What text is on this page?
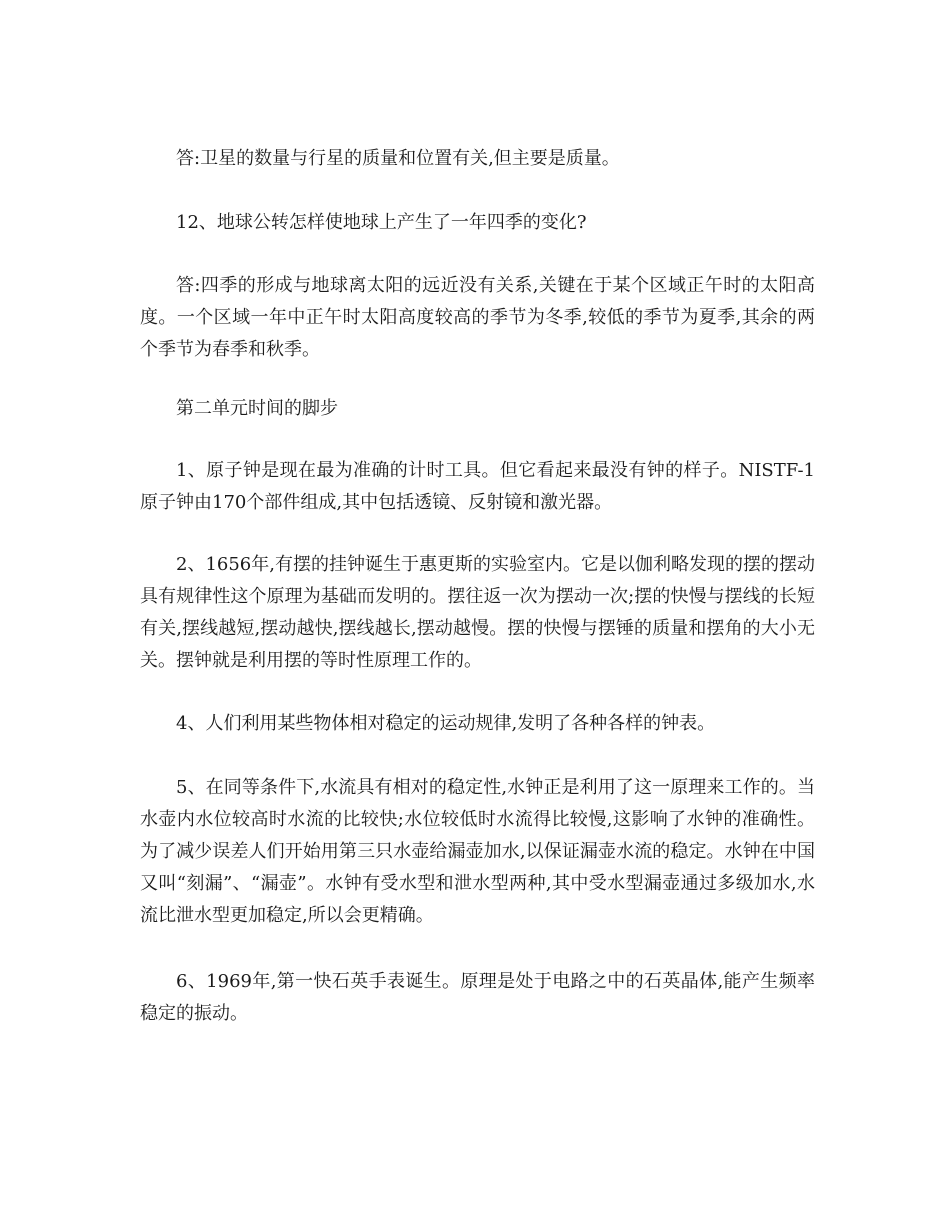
答:卫星的数量与行星的质量和位置有关,但主要是质量。

12、地球公转怎样使地球上产生了一年四季的变化?

答:四季的形成与地球离太阳的远近没有关系,关键在于某个区域正午时的太阳高度。一个区域一年中正午时太阳高度较高的季节为冬季,较低的季节为夏季,其余的两个季节为春季和秋季。

第二单元时间的脚步

1、原子钟是现在最为准确的计时工具。但它看起来最没有钟的样子。NISTF-1原子钟由170个部件组成,其中包括透镜、反射镜和激光器。

2、1656年,有摆的挂钟诞生于惠更斯的实验室内。它是以伽利略发现的摆的摆动具有规律性这个原理为基础而发明的。摆往返一次为摆动一次;摆的快慢与摆线的长短有关,摆线越短,摆动越快,摆线越长,摆动越慢。摆的快慢与摆锤的质量和摆角的大小无关。摆钟就是利用摆的等时性原理工作的。

4、人们利用某些物体相对稳定的运动规律,发明了各种各样的钟表。

5、在同等条件下,水流具有相对的稳定性,水钟正是利用了这一原理来工作的。当水壶内水位较高时水流的比较快;水位较低时水流得比较慢,这影响了水钟的准确性。为了减少误差人们开始用第三只水壶给漏壶加水,以保证漏壶水流的稳定。水钟在中国又叫“刻漏”、“漏壶”。水钟有受水型和泄水型两种,其中受水型漏壶通过多级加水,水流比泄水型更加稳定,所以会更精确。

6、1969年,第一快石英手表诞生。原理是处于电路之中的石英晶体,能产生频率稳定的振动。
